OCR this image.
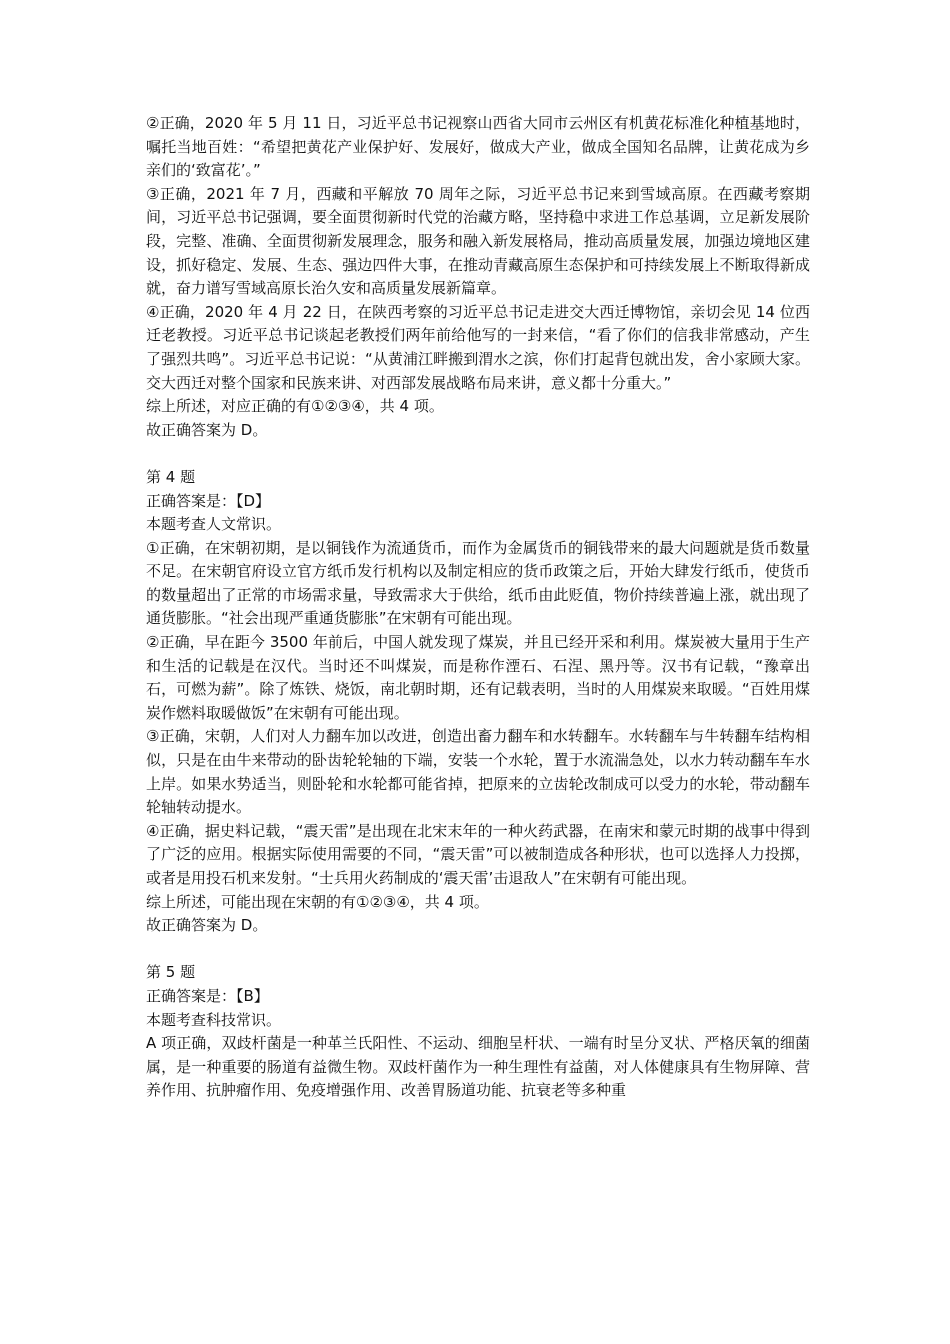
②正确，2020 年 5 月 11 日，习近平总书记视察山西省大同市云州区有机黄花标准化种植基地时，嘱托当地百姓：“希望把黄花产业保护好、发展好，做成大产业，做成全国知名品牌，让黄花成为乡亲们的‘致富花’。”

③正确，2021 年 7 月，西藏和平解放 70 周年之际，习近平总书记来到雪域高原。在西藏考察期间，习近平总书记强调，要全面贯彻新时代党的治藏方略，坚持稳中求进工作总基调，立足新发展阶段，完整、准确、全面贯彻新发展理念，服务和融入新发展格局，推动高质量发展，加强边境地区建设，抓好稳定、发展、生态、强边四件大事，在推动青藏高原生态保护和可持续发展上不断取得新成就，奋力谱写雪域高原长治久安和高质量发展新篇章。

④正确，2020 年 4 月 22 日，在陕西考察的习近平总书记走进交大西迁博物馆，亲切会见 14 位西迁老教授。习近平总书记谈起老教授们两年前给他写的一封来信，“看了你们的信我非常感动，产生了强烈共鸣”。习近平总书记说：“从黄浦江畔搬到渭水之滨，你们打起背包就出发，舍小家顾大家。交大西迁对整个国家和民族来讲、对西部发展战略布局来讲，意义都十分重大。”

综上所述，对应正确的有①②③④，共 4 项。

故正确答案为 D。

第 4 题

正确答案是：【D】

本题考查人文常识。

①正确，在宋朝初期，是以铜钱作为流通货币，而作为金属货币的铜钱带来的最大问题就是货币数量不足。在宋朝官府设立官方纸币发行机构以及制定相应的货币政策之后，开始大肆发行纸币，使货币的数量超出了正常的市场需求量，导致需求大于供给，纸币由此贬值，物价持续普遍上涨，就出现了通货膨胀。“社会出现严重通货膨胀”在宋朝有可能出现。

②正确，早在距今 3500 年前后，中国人就发现了煤炭，并且已经开采和利用。煤炭被大量用于生产和生活的记载是在汉代。当时还不叫煤炭，而是称作湮石、石涅、黑丹等。汉书有记载，“豫章出石，可燃为薪”。除了炼铁、烧饭，南北朝时期，还有记载表明，当时的人用煤炭来取暖。“百姓用煤炭作燃料取暖做饭”在宋朝有可能出现。

③正确，宋朝，人们对人力翻车加以改进，创造出畜力翻车和水转翻车。水转翻车与牛转翻车结构相似，只是在由牛来带动的卧齿轮轮轴的下端，安装一个水轮，置于水流湍急处，以水力转动翻车车水上岸。如果水势适当，则卧轮和水轮都可能省掉，把原来的立齿轮改制成可以受力的水轮，带动翻车轮轴转动提水。

④正确，据史料记载，“震天雷”是出现在北宋末年的一种火药武器，在南宋和蒙元时期的战事中得到了广泛的应用。根据实际使用需要的不同，“震天雷”可以被制造成各种形状，也可以选择人力投掷，或者是用投石机来发射。“士兵用火药制成的‘震天雷’击退敌人”在宋朝有可能出现。

综上所述，可能出现在宋朝的有①②③④，共 4 项。

故正确答案为 D。

第 5 题

正确答案是：【B】

本题考查科技常识。

A 项正确，双歧杆菌是一种革兰氏阳性、不运动、细胞呈杆状、一端有时呈分叉状、严格厌氧的细菌属，是一种重要的肠道有益微生物。双歧杆菌作为一种生理性有益菌，对人体健康具有生物屏障、营养作用、抗肿瘤作用、免疫增强作用、改善胃肠道功能、抗衰老等多种重
